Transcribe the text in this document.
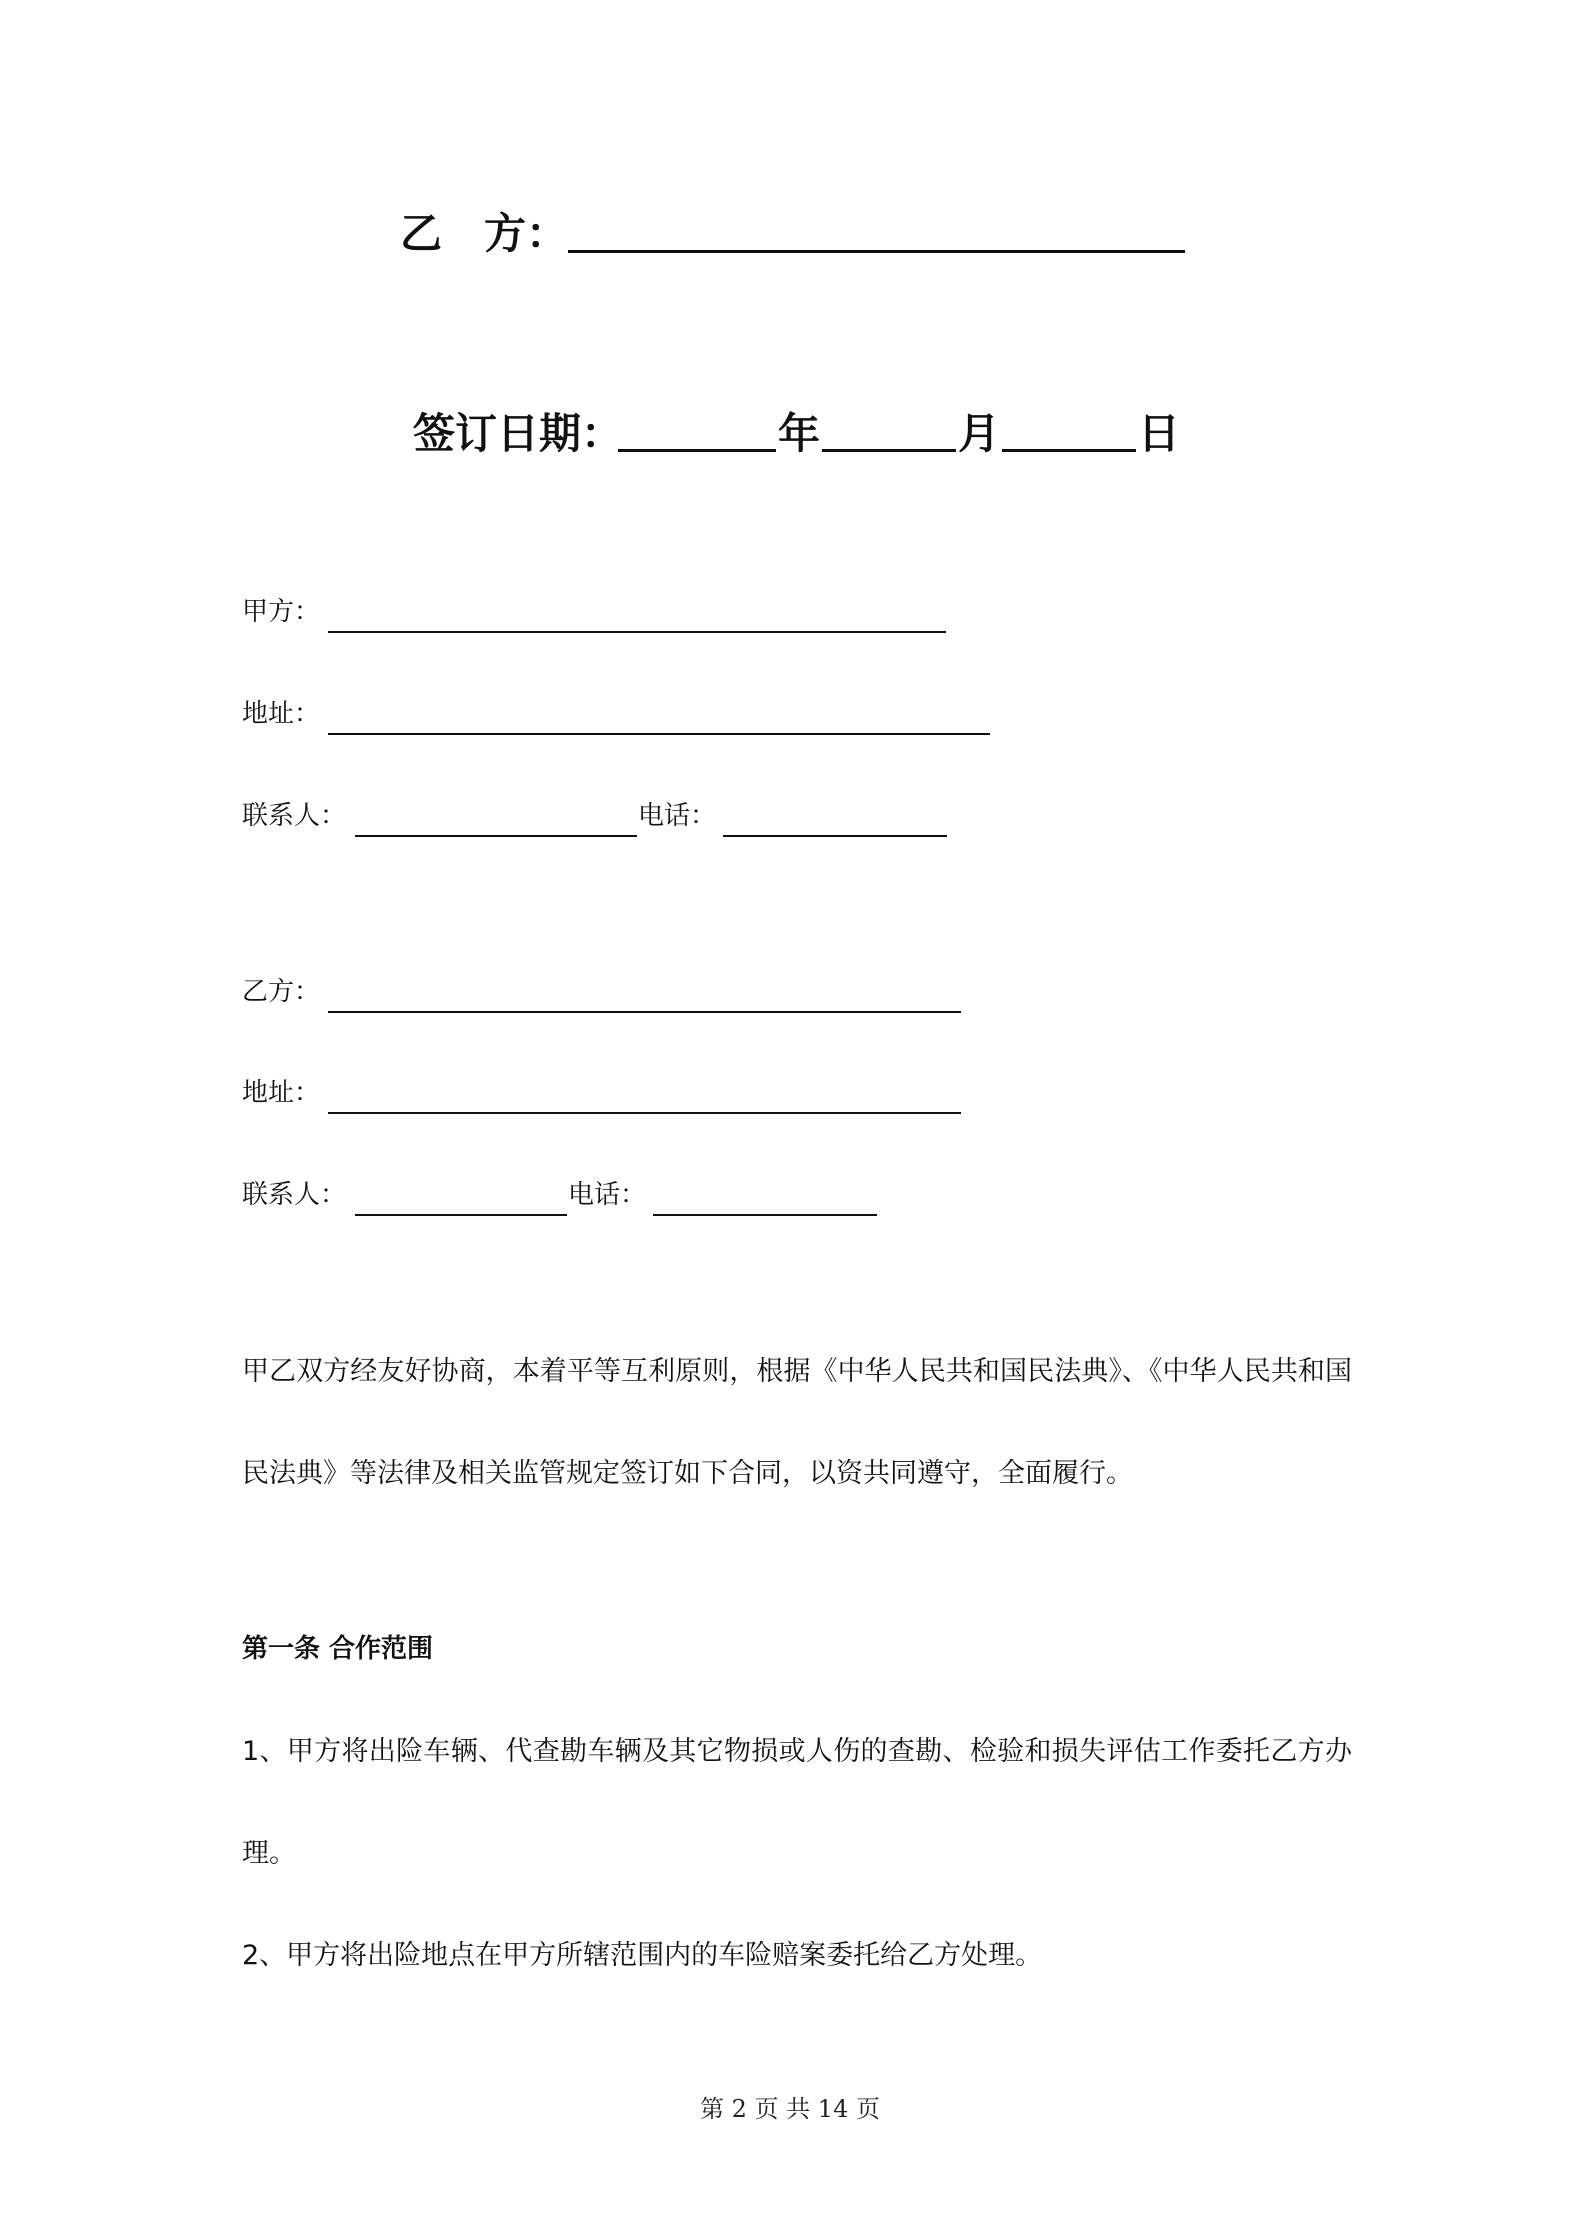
乙　方：
签订日期：	年	月	日
甲方：
地址：
联系人：	电话：
乙方：
地址：
联系人：	电话：
甲乙双方经友好协商，本着平等互利原则，根据《中华人民共和国民法典》、《中华人民共和国民法典》等法律及相关监管规定签订如下合同，以资共同遵守，全面履行。
第一条 合作范围
1、甲方将出险车辆、代查勘车辆及其它物损或人伤的查勘、检验和损失评估工作委托乙方办理。
2、甲方将出险地点在甲方所辖范围内的车险赔案委托给乙方处理。
第 2 页 共 14 页
